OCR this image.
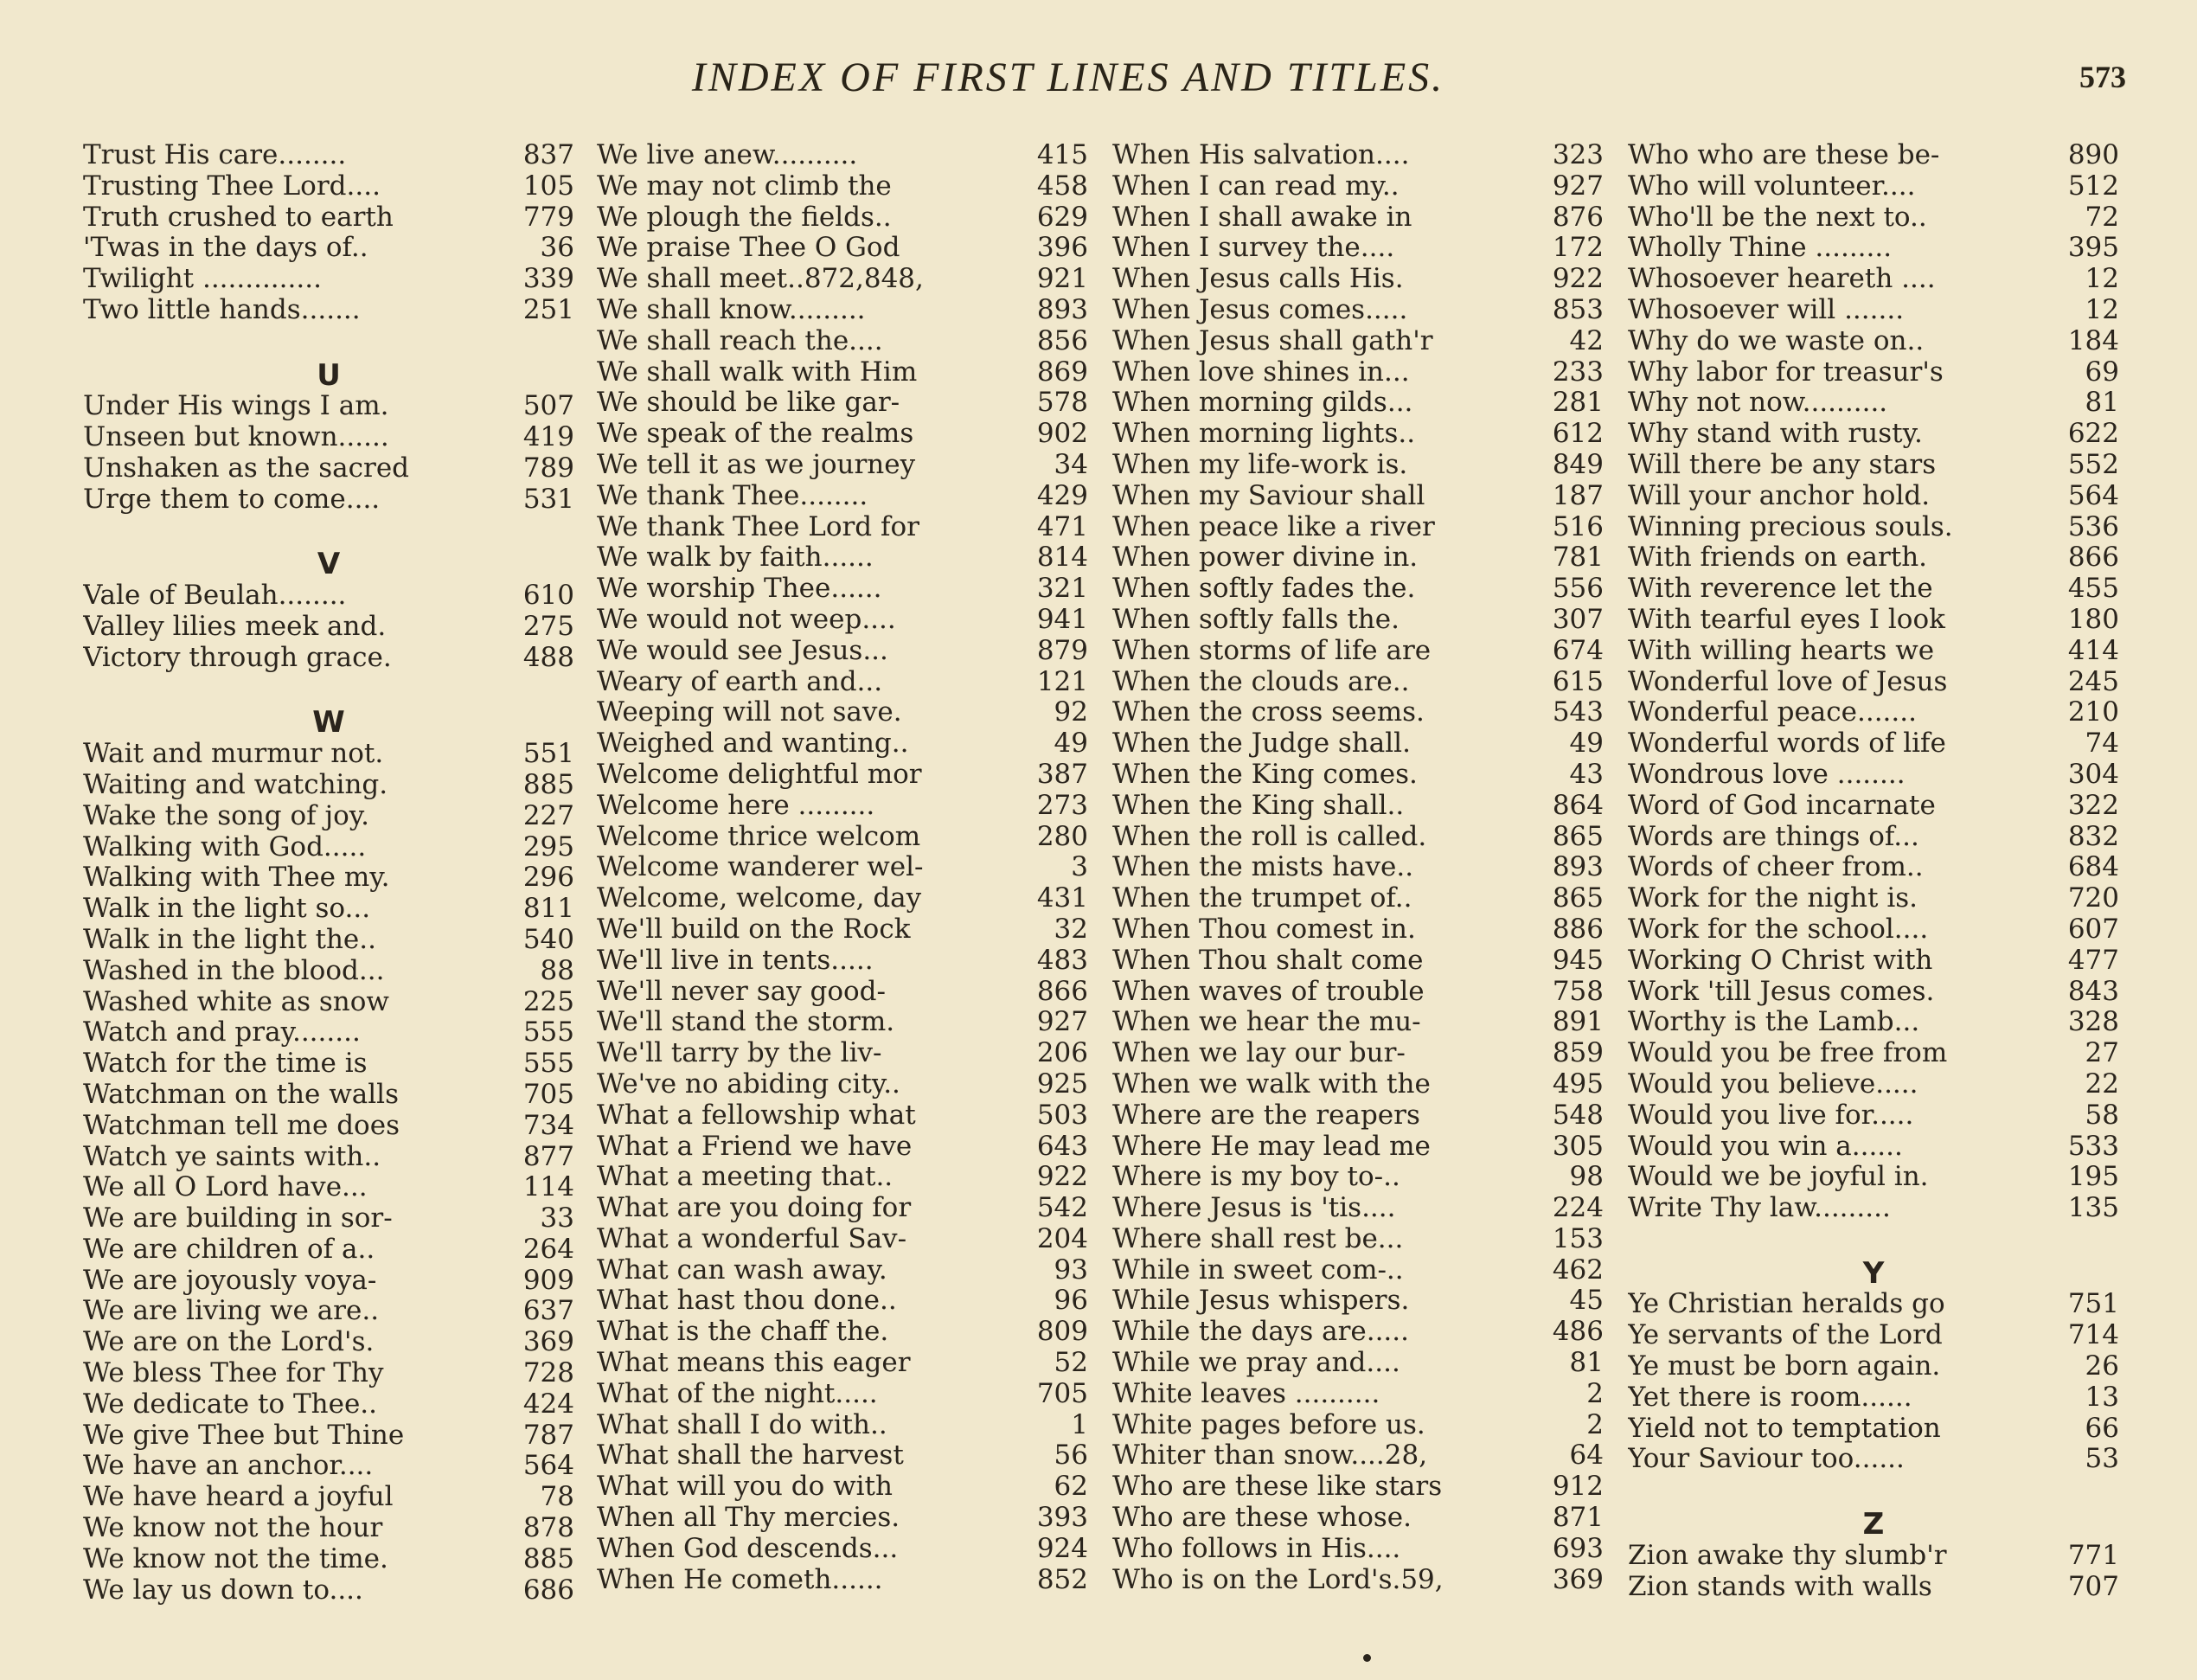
INDEX OF FIRST LINES AND TITLES.	573
Trust His care........	837
Trusting Thee Lord....	105
Truth crushed to earth	779
'Twas in the days of..	36
Twilight ..............	339
Two little hands.......	251
U
Under His wings I am.	507
Unseen but known......	419
Unshaken as the sacred	789
Urge them to come....	531
V
Vale of Beulah........	610
Valley lilies meek and.	275
Victory through grace.	488
W
Wait and murmur not.	551
Waiting and watching.	885
Wake the song of joy.	227
Walking with God.....	295
Walking with Thee my.	296
Walk in the light so...	811
Walk in the light the..	540
Washed in the blood...	88
Washed white as snow	225
Watch and pray........	555
Watch for the time is	555
Watchman on the walls	705
Watchman tell me does	734
Watch ye saints with..	877
We all O Lord have...	114
We are building in sor-	33
We are children of a..	264
We are joyously voya-	909
We are living we are..	637
We are on the Lord's.	369
We bless Thee for Thy	728
We dedicate to Thee..	424
We give Thee but Thine	787
We have an anchor....	564
We have heard a joyful	78
We know not the hour	878
We know not the time.	885
We lay us down to....	686
We live anew..........	415
We may not climb the	458
We plough the fields..	629
We praise Thee O God	396
We shall meet..872,848,	921
We shall know.........	893
We shall reach the....	856
We shall walk with Him	869
We should be like gar-	578
We speak of the realms	902
We tell it as we journey	34
We thank Thee........	429
We thank Thee Lord for	471
We walk by faith......	814
We worship Thee......	321
We would not weep....	941
We would see Jesus...	879
Weary of earth and...	121
Weeping will not save.	92
Weighed and wanting..	49
Welcome delightful mor	387
Welcome here .........	273
Welcome thrice welcom	280
Welcome wanderer wel-	3
Welcome, welcome, day	431
We'll build on the Rock	32
We'll live in tents.....	483
We'll never say good-	866
We'll stand the storm.	927
We'll tarry by the liv-	206
We've no abiding city..	925
What a fellowship what	503
What a Friend we have	643
What a meeting that..	922
What are you doing for	542
What a wonderful Sav-	204
What can wash away.	93
What hast thou done..	96
What is the chaff the.	809
What means this eager	52
What of the night.....	705
What shall I do with..	1
What shall the harvest	56
What will you do with	62
When all Thy mercies.	393
When God descends...	924
When He cometh......	852
When His salvation....	323
When I can read my..	927
When I shall awake in	876
When I survey the....	172
When Jesus calls His.	922
When Jesus comes.....	853
When Jesus shall gath'r	42
When love shines in...	233
When morning gilds...	281
When morning lights..	612
When my life-work is.	849
When my Saviour shall	187
When peace like a river	516
When power divine in.	781
When softly fades the.	556
When softly falls the.	307
When storms of life are	674
When the clouds are..	615
When the cross seems.	543
When the Judge shall.	49
When the King comes.	43
When the King shall..	864
When the roll is called.	865
When the mists have..	893
When the trumpet of..	865
When Thou comest in.	886
When Thou shalt come	945
When waves of trouble	758
When we hear the mu-	891
When we lay our bur-	859
When we walk with the	495
Where are the reapers	548
Where He may lead me	305
Where is my boy to-..	98
Where Jesus is 'tis....	224
Where shall rest be...	153
While in sweet com-..	462
While Jesus whispers.	45
While the days are.....	486
While we pray and....	81
White leaves ..........	2
White pages before us.	2
Whiter than snow....28,	64
Who are these like stars	912
Who are these whose.	871
Who follows in His....	693
Who is on the Lord's.59,	369
Who who are these be-	890
Who will volunteer....	512
Who'll be the next to..	72
Wholly Thine .........	395
Whosoever heareth ....	12
Whosoever will .......	12
Why do we waste on..	184
Why labor for treasur's	69
Why not now..........	81
Why stand with rusty.	622
Will there be any stars	552
Will your anchor hold.	564
Winning precious souls.	536
With friends on earth.	866
With reverence let the	455
With tearful eyes I look	180
With willing hearts we	414
Wonderful love of Jesus	245
Wonderful peace.......	210
Wonderful words of life	74
Wondrous love ........	304
Word of God incarnate	322
Words are things of...	832
Words of cheer from..	684
Work for the night is.	720
Work for the school....	607
Working O Christ with	477
Work 'till Jesus comes.	843
Worthy is the Lamb...	328
Would you be free from	27
Would you believe.....	22
Would you live for.....	58
Would you win a......	533
Would we be joyful in.	195
Write Thy law.........	135
Y
Ye Christian heralds go	751
Ye servants of the Lord	714
Ye must be born again.	26
Yet there is room......	13
Yield not to temptation	66
Your Saviour too......	53
Z
Zion awake thy slumb'r	771
Zion stands with walls	707
